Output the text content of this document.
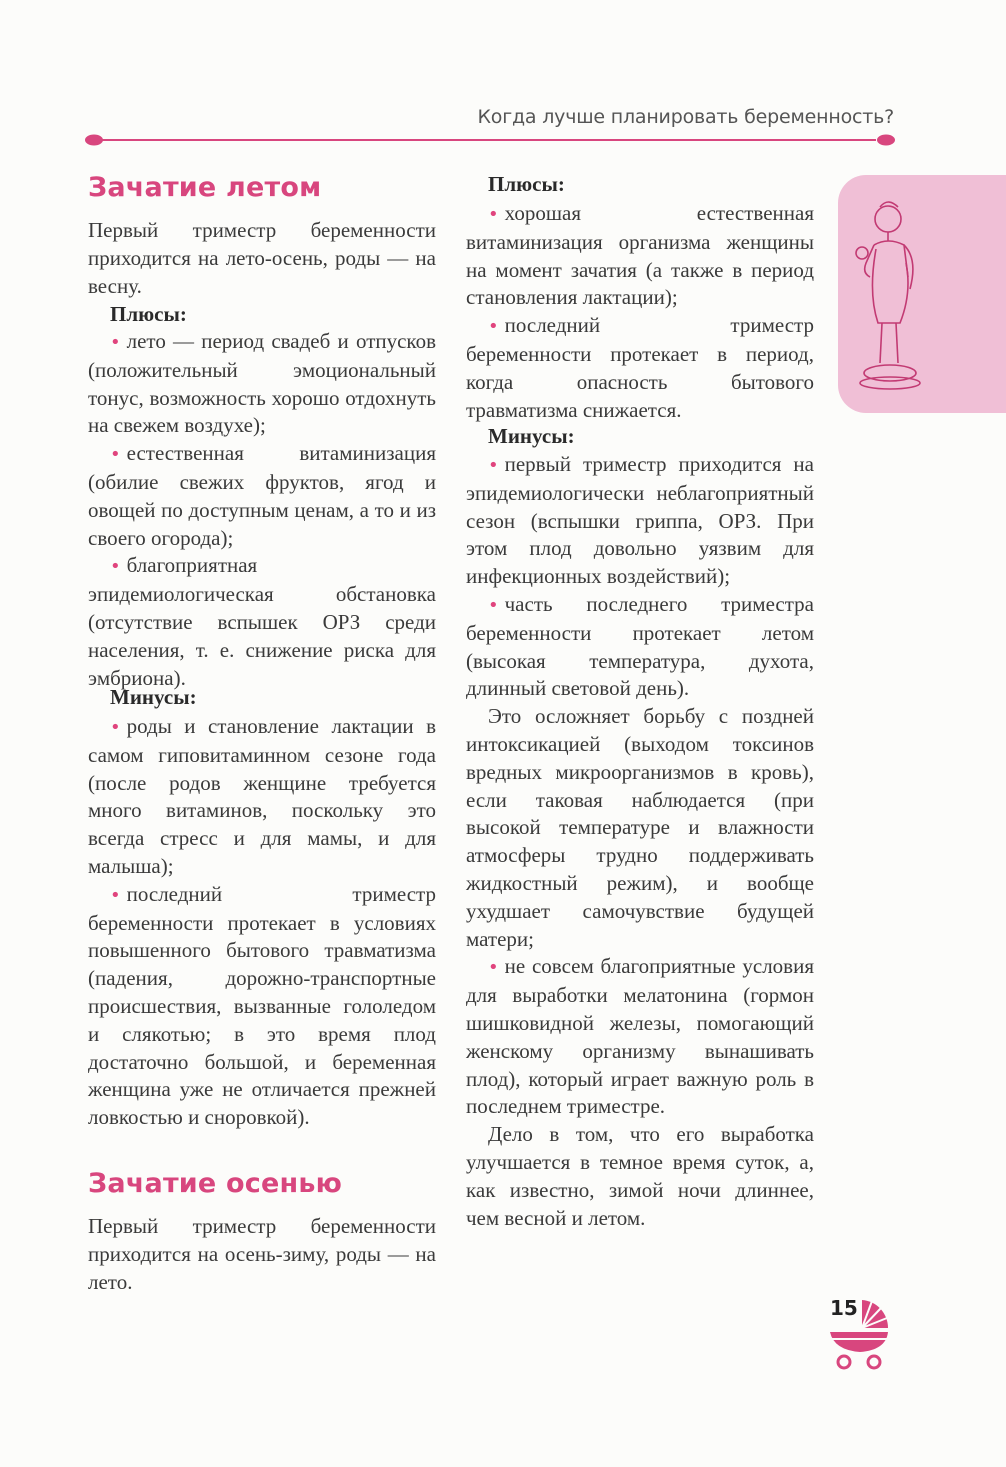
Когда лучше планировать беременность?
Зачатие летом

Первый триместр беременности приходится на лето-осень, роды — на весну.

Плюсы:

• лето — период свадеб и отпусков (положительный эмоциональный тонус, возможность хорошо отдохнуть на свежем воздухе);

• естественная витаминизация (обилие свежих фруктов, ягод и овощей по доступным ценам, а то и из своего огорода);

• благоприятная эпидемиологическая обстановка (отсутствие вспышек ОРЗ среди населения, т. е. снижение риска для эмбриона).

Минусы:

• роды и становление лактации в самом гиповитаминном сезоне года (после родов женщине требуется много витаминов, поскольку это всегда стресс и для мамы, и для малыша);

• последний триместр беременности протекает в условиях повышенного бытового травматизма (падения, дорожно-транспортные происшествия, вызванные гололедом и слякотью; в это время плод достаточно большой, и беременная женщина уже не отличается прежней ловкостью и сноровкой).

Зачатие осенью

Первый триместр беременности приходится на осень-зиму, роды — на лето.

Плюсы:

• хорошая естественная витаминизация организма женщины на момент зачатия (а также в период становления лактации);

• последний триместр беременности протекает в период, когда опасность бытового травматизма снижается.

Минусы:

• первый триместр приходится на эпидемиологически неблагоприятный сезон (вспышки гриппа, ОРЗ. При этом плод довольно уязвим для инфекционных воздействий);

• часть последнего триместра беременности протекает летом (высокая температура, духота, длинный световой день).

Это осложняет борьбу с поздней интоксикацией (выходом токсинов вредных микроорганизмов в кровь), если таковая наблюдается (при высокой температуре и влажности атмосферы трудно поддерживать жидкостный режим), и вообще ухудшает самочувствие будущей матери;

• не совсем благоприятные условия для выработки мелатонина (гормон шишковидной железы, помогающий женскому организму вынашивать плод), который играет важную роль в последнем триместре.

Дело в том, что его выработка улучшается в темное время суток, а, как известно, зимой ночи длиннее, чем весной и летом.

15
